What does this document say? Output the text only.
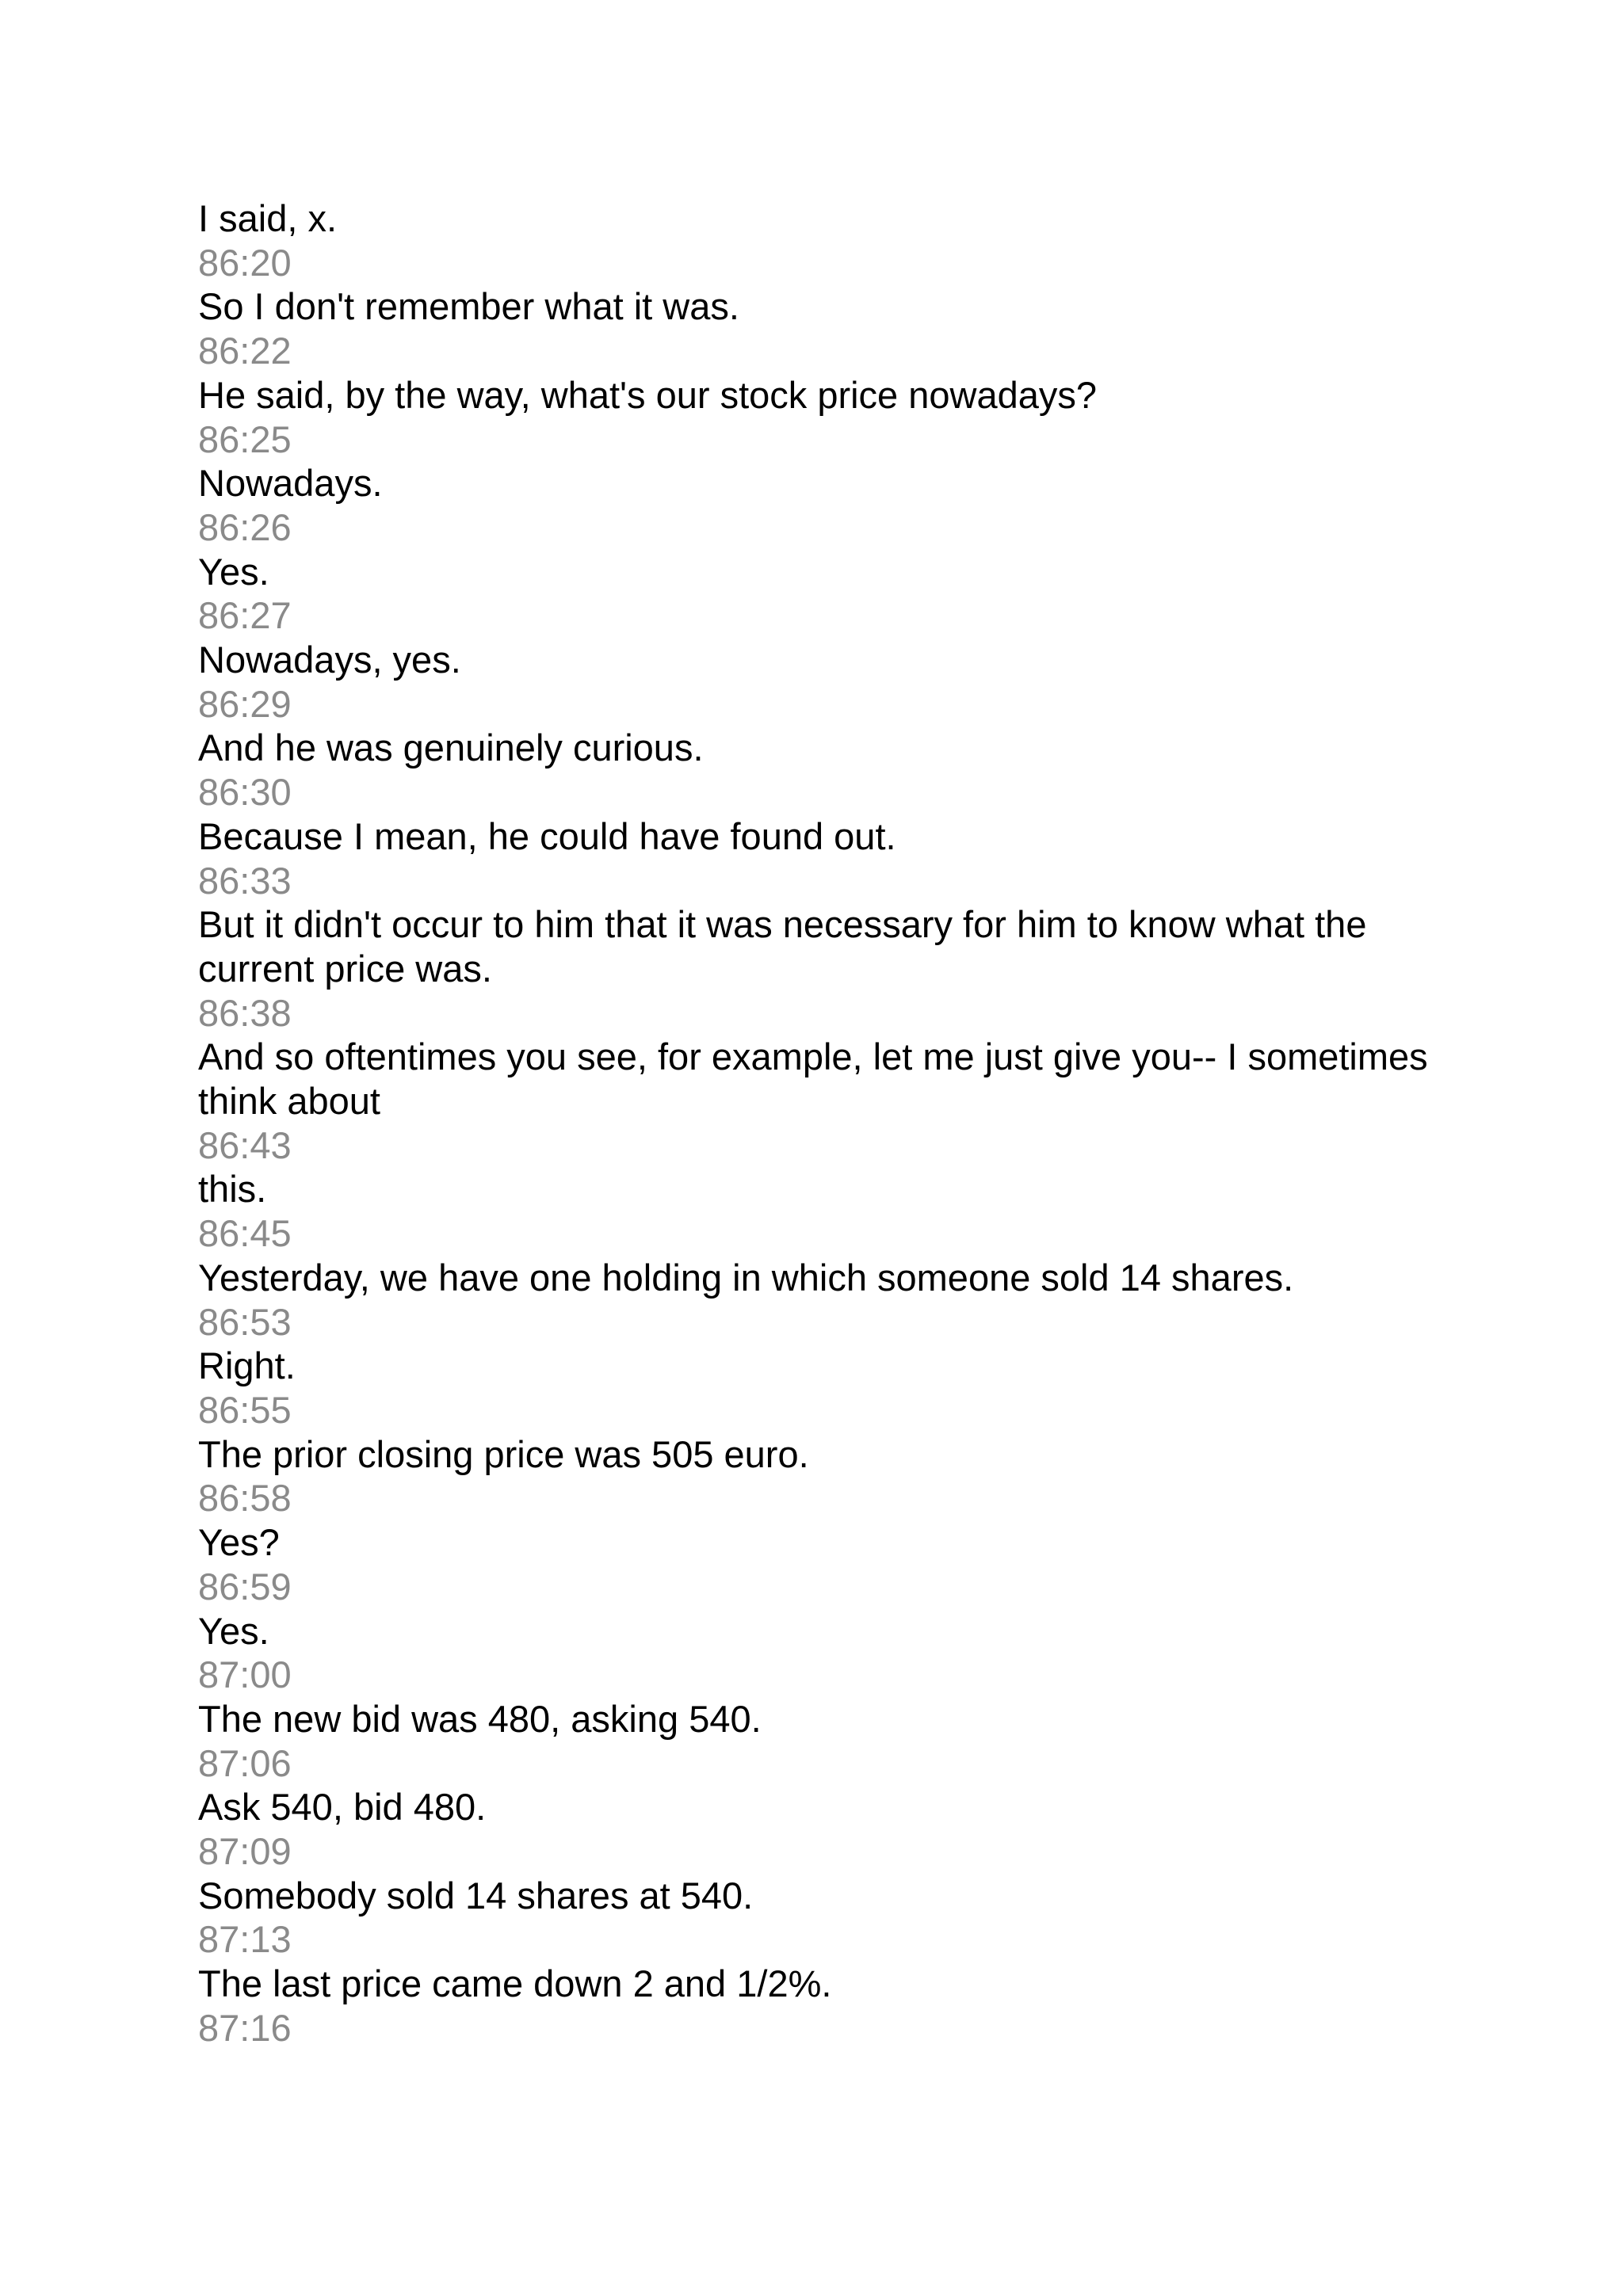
I said, x.
86:20
So I don't remember what it was.
86:22
He said, by the way, what's our stock price nowadays?
86:25
Nowadays.
86:26
Yes.
86:27
Nowadays, yes.
86:29
And he was genuinely curious.
86:30
Because I mean, he could have found out.
86:33
But it didn't occur to him that it was necessary for him to know what the current price was.
86:38
And so oftentimes you see, for example, let me just give you-- I sometimes think about
86:43
this.
86:45
Yesterday, we have one holding in which someone sold 14 shares.
86:53
Right.
86:55
The prior closing price was 505 euro.
86:58
Yes?
86:59
Yes.
87:00
The new bid was 480, asking 540.
87:06
Ask 540, bid 480.
87:09
Somebody sold 14 shares at 540.
87:13
The last price came down 2 and 1/2%.
87:16
